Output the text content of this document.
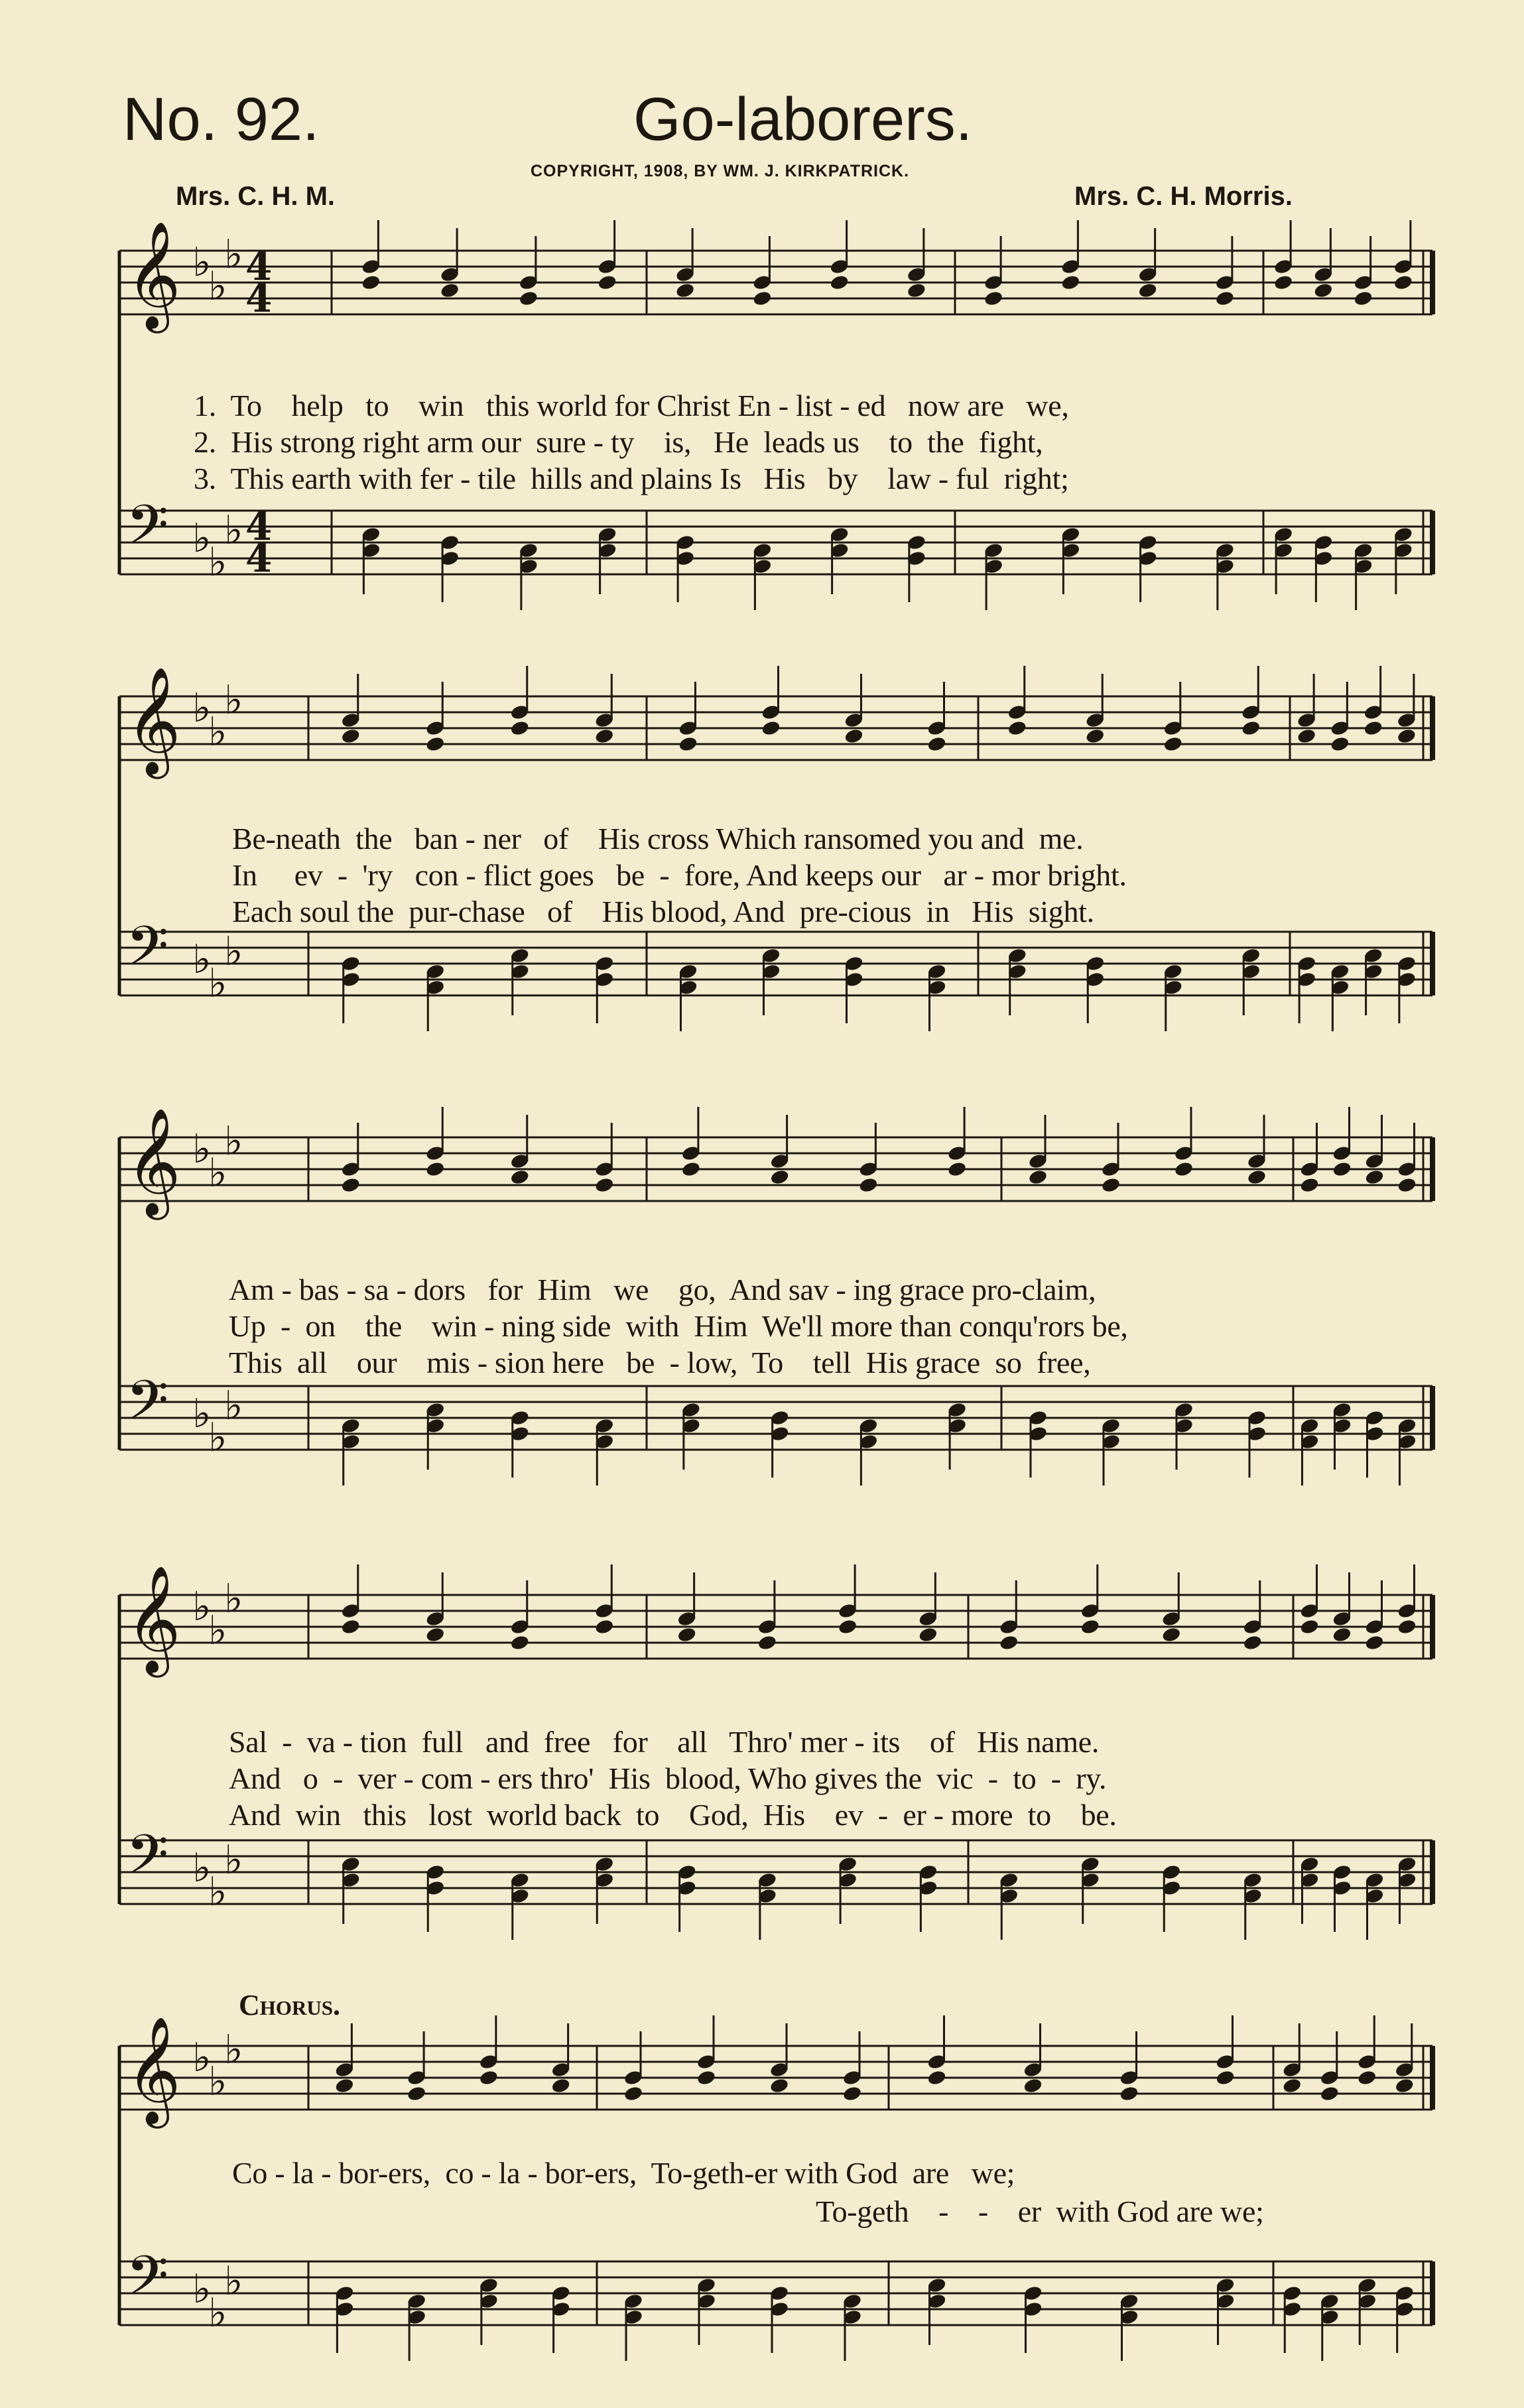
No. 92.	Go-laborers.
COPYRIGHT, 1908, BY WM. J. KIRKPATRICK.
Mrs. C. H. M.	Mrs. C. H. Morris.
𝄞 ♭
♭
♭ 4
4
𝄢 ♭
♭
♭ 4
4
𝄞 ♭
♭
♭
𝄢 ♭
♭
♭
𝄞 ♭
♭
♭
𝄢 ♭
♭
♭
𝄞 ♭
♭
♭
𝄢 ♭
♭
♭
𝄞 ♭
♭
♭
𝄢 ♭
♭
♭
1.  To    help   to    win   this world for Christ En - list - ed   now are   we,
2.  His strong right arm our  sure - ty    is,   He  leads us    to  the  fight,
3.  This earth with fer - tile  hills and plains Is   His   by    law - ful  right;
Be-neath  the   ban - ner   of    His cross Which ransomed you and  me.
In     ev  -  'ry   con - flict goes   be  -  fore, And keeps our   ar - mor bright.
Each soul the  pur-chase   of    His blood, And  pre-cious  in   His  sight.
Am - bas - sa - dors   for  Him   we    go,  And sav - ing grace pro-claim,
Up  -  on    the    win - ning side  with  Him  We'll more than conqu'rors be,
This  all    our    mis - sion here   be  - low,  To    tell  His grace  so  free,
Sal  -  va - tion  full   and  free   for    all   Thro' mer - its    of   His name.
And   o  -  ver - com - ers thro'  His  blood, Who gives the  vic  -  to  -  ry.
And  win   this   lost  world back  to    God,  His    ev  -  er - more  to    be.
Chorus.
Co - la - bor-ers,  co - la - bor-ers,  To-geth-er with God  are   we;
To-geth    -    -    er  with God are we;
